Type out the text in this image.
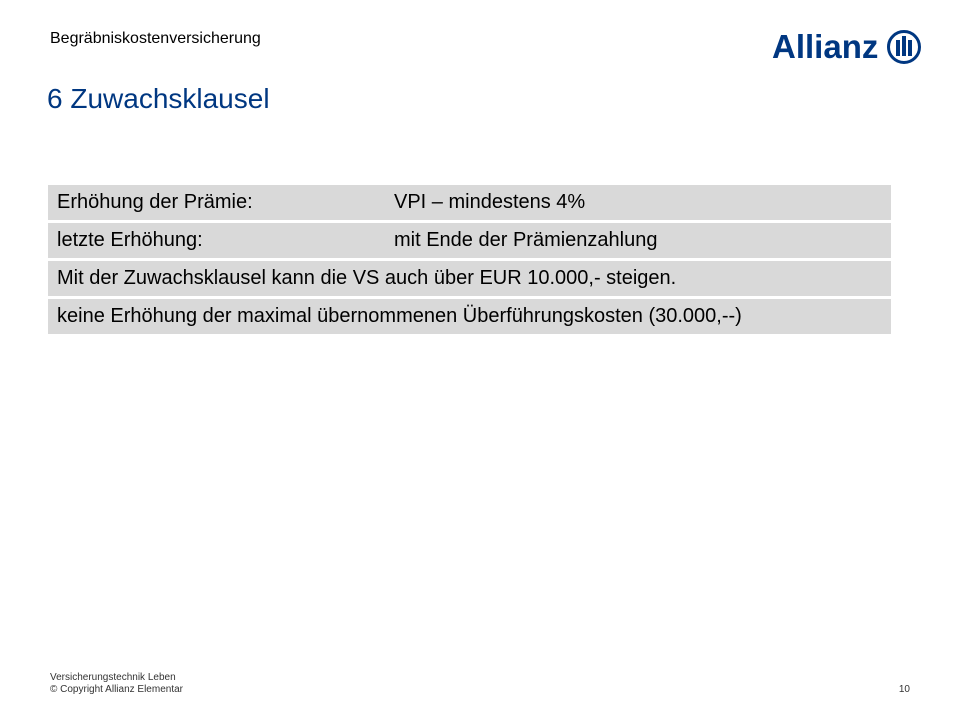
Begräbniskostenversicherung	Allianz
6 Zuwachsklausel
Erhöhung der Prämie:	VPI – mindestens 4%
letzte Erhöhung:	mit Ende der Prämienzahlung
Mit der Zuwachsklausel kann die VS auch über EUR 10.000,- steigen.
keine Erhöhung der maximal übernommenen Überführungskosten (30.000,--)
Versicherungstechnik Leben
© Copyright Allianz Elementar	10
